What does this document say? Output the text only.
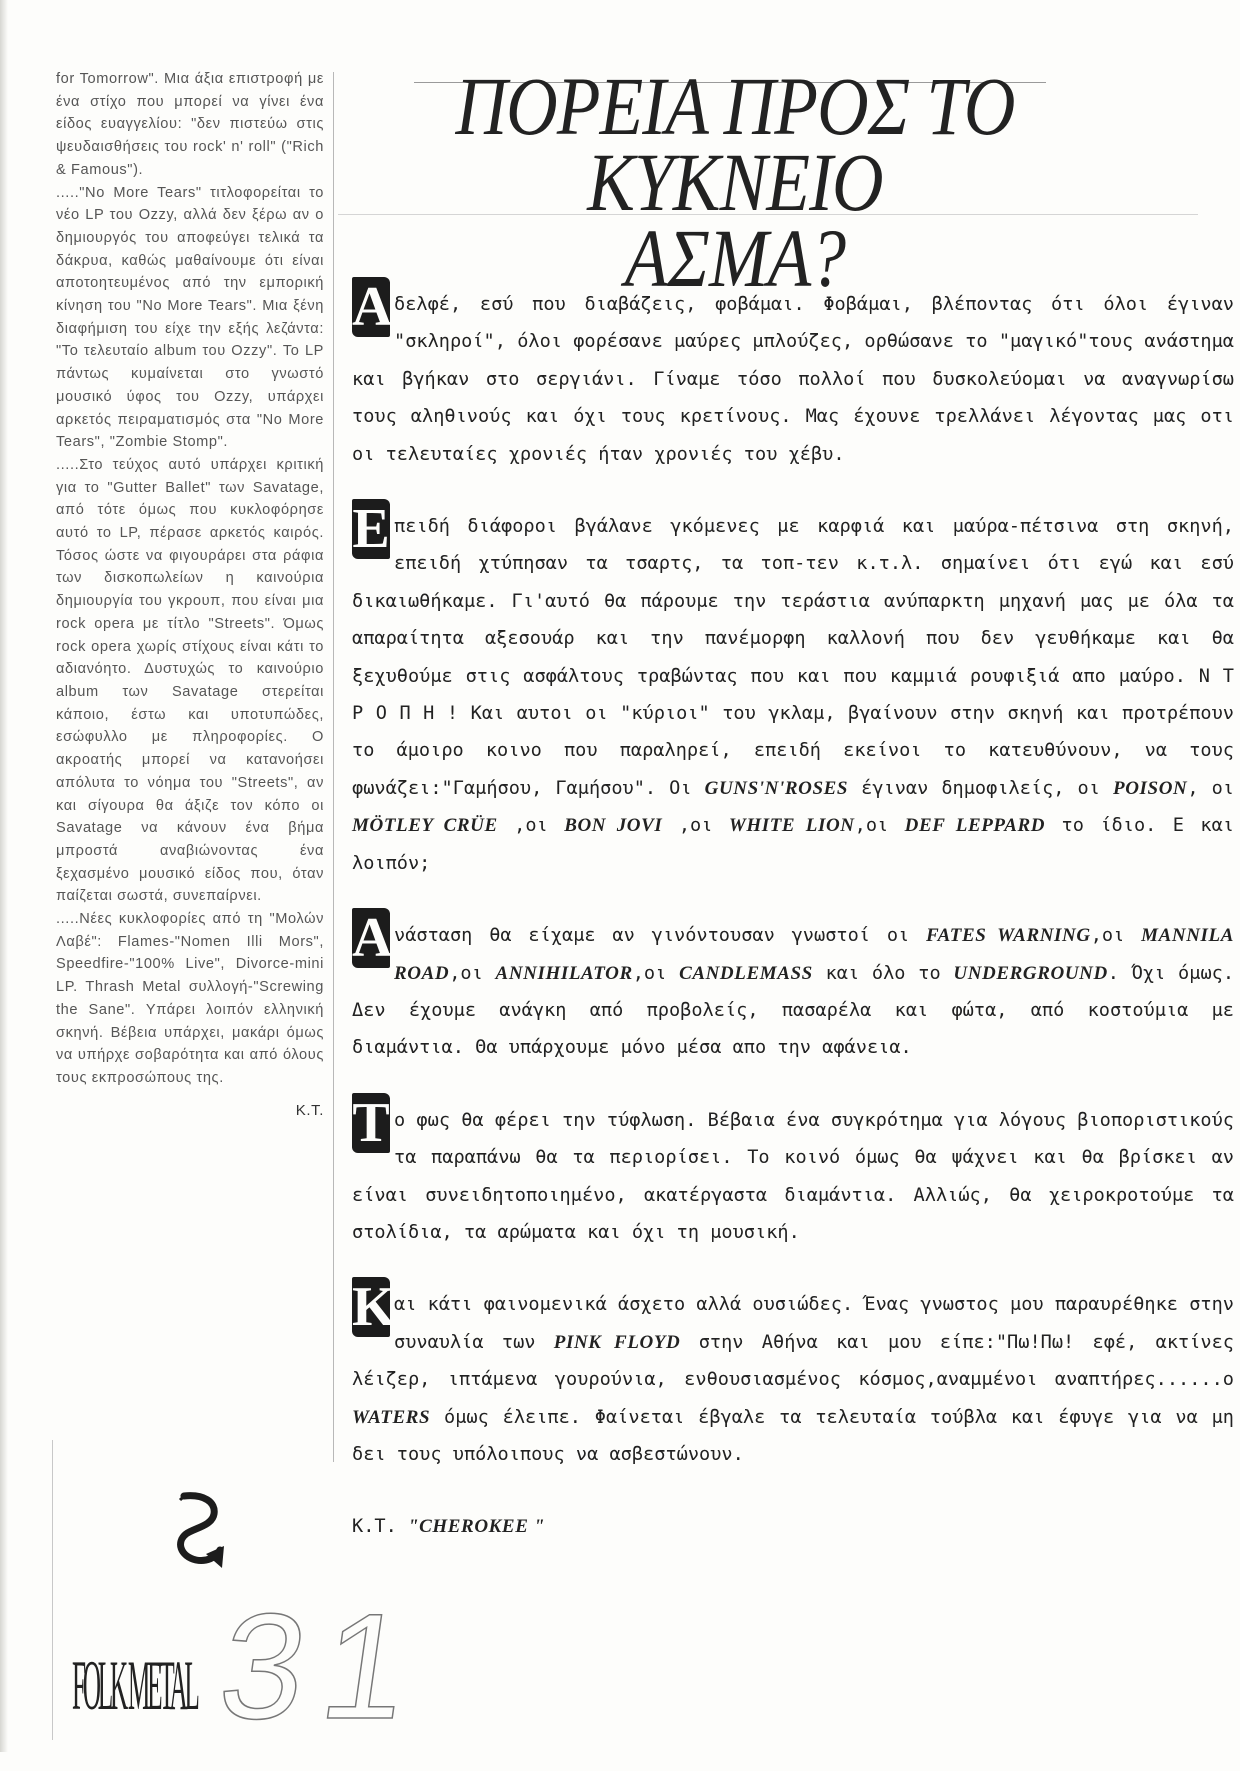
for Tomorrow". Μια άξια επιστροφή με ένα στίχο που μπορεί να γίνει ένα είδος ευαγγελίου: "δεν πιστεύω στις ψευδαισθήσεις του rock' n' roll" ("Rich & Famous").

....."No More Tears" τιτλοφορείται το νέο LP του Ozzy, αλλά δεν ξέρω αν ο δημιουργός του αποφεύγει τελικά τα δάκρυα, καθώς μαθαίνουμε ότι είναι αποτοητευμένος από την εμπορική κίνηση του "No More Tears". Μια ξένη διαφήμιση του είχε την εξής λεζάντα: "Το τελευταίο album του Ozzy". Το LP πάντως κυμαίνεται στο γνωστό μουσικό ύφος του Ozzy, υπάρχει αρκετός πειραματισμός στα "No More Tears", "Zombie Stomp".

.....Στο τεύχος αυτό υπάρχει κριτική για το "Gutter Ballet" των Savatage, από τότε όμως που κυκλοφόρησε αυτό το LP, πέρασε αρκετός καιρός. Τόσος ώστε να φιγουράρει στα ράφια των δισκοπωλείων η καινούρια δημιουργία του γκρουπ, που είναι μια rock opera με τίτλο "Streets". Όμως rock opera χωρίς στίχους είναι κάτι το αδιανόητο. Δυστυχώς το καινούριο album των Savatage στερείται κάποιο, έστω και υποτυπώδες, εσώφυλλο με πληροφορίες. Ο ακροατής μπορεί να κατανοήσει απόλυτα το νόημα του "Streets", αν και σίγουρα θα άξιζε τον κόπο οι Savatage να κάνουν ένα βήμα μπροστά αναβιώνοντας ένα ξεχασμένο μουσικό είδος που, όταν παίζεται σωστά, συνεπαίρνει.

.....Νέες κυκλοφορίες από τη "Μολών Λαβέ": Flames-"Nomen Illi Mors", Speedfire-"100% Live", Divorce-mini LP. Thrash Metal συλλογή-"Screwing the Sane". Υπάρει λοιπόν ελληνική σκηνή. Βέβεια υπάρχει, μακάρι όμως να υπήρχε σοβαρότητα και από όλους τους εκπροσώπους της.

K.T.
ΠΟΡΕΙΑ ΠΡΟΣ ΤΟ
ΚΥΚΝΕΙΟ
ΑΣΜΑ?

Α δελφέ, εσύ που διαβάζεις, φοβάμαι. Φοβάμαι, βλέποντας ότι όλοι έγιναν "σκληροί", όλοι φορέσανε μαύρες μπλούζες, ορθώσανε το "μαγικό"τους ανάστημα και βγήκαν στο σεργιάνι. Γίναμε τόσο πολλοί που δυσκολεύομαι να αναγνωρίσω τους αληθινούς και όχι τους κρετίνους. Μας έχουνε τρελλάνει λέγοντας μας οτι οι τελευταίες χρονιές ήταν χρονιές του χέβυ.

Ε πειδή διάφοροι βγάλανε γκόμενες με καρφιά και μαύρα-πέτσινα στη σκηνή, επειδή χτύπησαν τα τσαρτς, τα τοπ-τεν κ.τ.λ. σημαίνει ότι εγώ και εσύ δικαιωθήκαμε. Γι'αυτό θα πάρουμε την τεράστια ανύπαρκτη μηχανή μας με όλα τα απαραίτητα αξεσουάρ και την πανέμορφη καλλονή που δεν γευθήκαμε και θα ξεχυθούμε στις ασφάλτους τραβώντας που και που καμμιά ρουφιξιά απο μαύρο. Ν Τ Ρ Ο Π Η ! Και αυτοι οι "κύριοι" του γκλαμ, βγαίνουν στην σκηνή και προτρέπουν το άμοιρο κοινο που παραληρεί, επειδή εκείνοι το κατευθύνουν, να τους φωνάζει:"Γαμήσου, Γαμήσου". Οι GUNS'N'ROSES έγιναν δημοφιλείς, οι POISON, οι MÖTLEY CRÜE ,οι BON JOVI ,οι WHITE LION,οι DEF LEPPARD το ίδιο. Ε και λοιπόν;

Α νάσταση θα είχαμε αν γινόντουσαν γνωστοί οι FATES WARNING,οι MANNILA ROAD,οι ANNIHILATOR,οι CANDLEMASS και όλο το UNDERGROUND. Όχι όμως. Δεν έχουμε ανάγκη από προβολείς, πασαρέλα και φώτα, από κοστούμια με διαμάντια. Θα υπάρχουμε μόνο μέσα απο την αφάνεια.

Τ ο φως θα φέρει την τύφλωση. Βέβαια ένα συγκρότημα για λόγους βιοποριστικούς τα παραπάνω θα τα περιορίσει. Το κοινό όμως θα ψάχνει και θα βρίσκει αν είναι συνειδητοποιημένο, ακατέργαστα διαμάντια. Αλλιώς, θα χειροκροτούμε τα στολίδια, τα αρώματα και όχι τη μουσική.

Κ
αι κάτι φαινομενικά άσχετο αλλά ουσιώδες. Ένας γνωστος μου παραυρέθηκε στην συναυλία των PINK FLOYD στην Αθήνα και μου είπε:"Πω!Πω! εφέ, ακτίνες λέιζερ, ιπτάμενα γουρούνια, ενθουσιασμένος κόσμος,αναμμένοι αναπτήρες......ο WATERS όμως έλειπε. Φαίνεται έβγαλε τα τελευταία τούβλα και έφυγε για να μη δει τους υπόλοιπους να ασβεστώνουν.

K.T. "CHEROKEE "
FOLK METAL 31
